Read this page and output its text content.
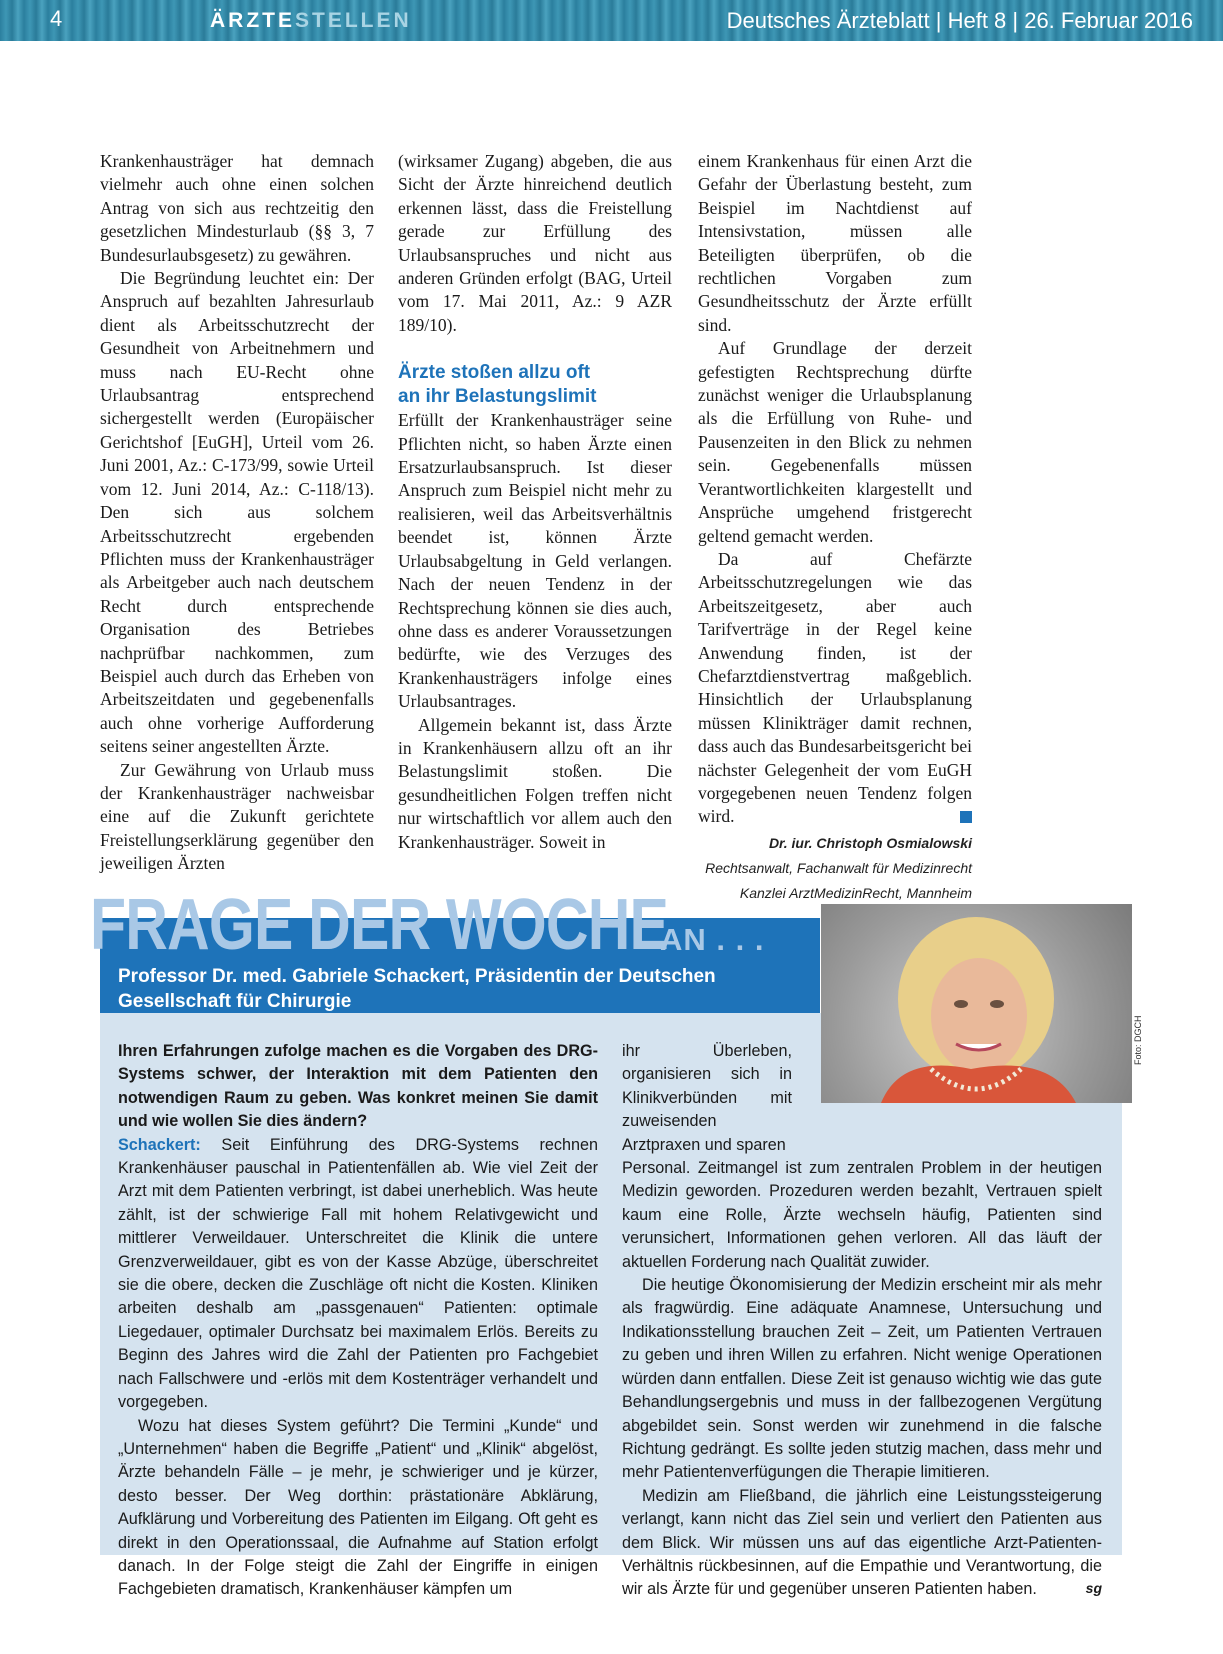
4	ÄRZTESTELLEN	Deutsches Ärzteblatt | Heft 8 | 26. Februar 2016

Krankenhausträger hat demnach vielmehr auch ohne einen solchen Antrag von sich aus rechtzeitig den gesetzlichen Mindesturlaub (§§ 3, 7 Bundesurlaubsgesetz) zu gewähren.

Die Begründung leuchtet ein: Der Anspruch auf bezahlten Jahresurlaub dient als Arbeitsschutzrecht der Gesundheit von Arbeitnehmern und muss nach EU-Recht ohne Urlaubsantrag entsprechend sichergestellt werden (Europäischer Gerichtshof [EuGH], Urteil vom 26. Juni 2001, Az.: C-173/99, sowie Urteil vom 12. Juni 2014, Az.: C-118/13). Den sich aus solchem Arbeitsschutzrecht ergebenden Pflichten muss der Krankenhausträger als Arbeitgeber auch nach deutschem Recht durch entsprechende Organisation des Betriebes nachprüfbar nachkommen, zum Beispiel auch durch das Erheben von Arbeitszeitdaten und gegebenenfalls auch ohne vorherige Aufforderung seitens seiner angestellten Ärzte.

Zur Gewährung von Urlaub muss der Krankenhausträger nachweisbar eine auf die Zukunft gerichtete Freistellungserklärung gegenüber den jeweiligen Ärzten

(wirksamer Zugang) abgeben, die aus Sicht der Ärzte hinreichend deutlich erkennen lässt, dass die Freistellung gerade zur Erfüllung des Urlaubsanspruches und nicht aus anderen Gründen erfolgt (BAG, Urteil vom 17. Mai 2011, Az.: 9 AZR 189/10).

Ärzte stoßen allzu oft
an ihr Belastungslimit

Erfüllt der Krankenhausträger seine Pflichten nicht, so haben Ärzte einen Ersatzurlaubsanspruch. Ist dieser Anspruch zum Beispiel nicht mehr zu realisieren, weil das Arbeitsverhältnis beendet ist, können Ärzte Urlaubsabgeltung in Geld verlangen. Nach der neuen Tendenz in der Rechtsprechung können sie dies auch, ohne dass es anderer Voraussetzungen bedürfte, wie des Verzuges des Krankenhausträgers infolge eines Urlaubsantrages.

Allgemein bekannt ist, dass Ärzte in Krankenhäusern allzu oft an ihr Belastungslimit stoßen. Die gesundheitlichen Folgen treffen nicht nur wirtschaftlich vor allem auch den Krankenhausträger. Soweit in

einem Krankenhaus für einen Arzt die Gefahr der Überlastung besteht, zum Beispiel im Nachtdienst auf Intensivstation, müssen alle Beteiligten überprüfen, ob die rechtlichen Vorgaben zum Gesundheitsschutz der Ärzte erfüllt sind.

Auf Grundlage der derzeit gefestigten Rechtsprechung dürfte zunächst weniger die Urlaubsplanung als die Erfüllung von Ruhe- und Pausenzeiten in den Blick zu nehmen sein. Gegebenenfalls müssen Verantwortlichkeiten klargestellt und Ansprüche umgehend fristgerecht geltend gemacht werden.

Da auf Chefärzte Arbeitsschutzregelungen wie das Arbeitszeitgesetz, aber auch Tarifverträge in der Regel keine Anwendung finden, ist der Chefarztdienstvertrag maßgeblich. Hinsichtlich der Urlaubsplanung müssen Klinikträger damit rechnen, dass auch das Bundesarbeitsgericht bei nächster Gelegenheit der vom EuGH vorgegebenen neuen Tendenz folgen wird.

Dr. iur. Christoph Osmialowski
Rechtsanwalt, Fachanwalt für Medizinrecht
Kanzlei ArztMedizinRecht, Mannheim
FRAGE DER WOCHE
AN . . .
Professor Dr. med. Gabriele Schackert, Präsidentin der Deutschen Gesellschaft für Chirurgie
Foto: DGCH

Ihren Erfahrungen zufolge machen es die Vorgaben des DRG-Systems schwer, der Interaktion mit dem Patienten den notwendigen Raum zu geben. Was konkret meinen Sie damit und wie wollen Sie dies ändern?

Schackert: Seit Einführung des DRG-Systems rechnen Krankenhäuser pauschal in Patientenfällen ab. Wie viel Zeit der Arzt mit dem Patienten verbringt, ist dabei unerheblich. Was heute zählt, ist der schwierige Fall mit hohem Relativgewicht und mittlerer Verweildauer. Unterschreitet die Klinik die untere Grenzverweildauer, gibt es von der Kasse Abzüge, überschreitet sie die obere, decken die Zuschläge oft nicht die Kosten. Kliniken arbeiten deshalb am „passgenauen“ Patienten: optimale Liegedauer, optimaler Durchsatz bei maximalem Erlös. Bereits zu Beginn des Jahres wird die Zahl der Patienten pro Fachgebiet nach Fallschwere und -erlös mit dem Kostenträger verhandelt und vorgegeben.

Wozu hat dieses System geführt? Die Termini „Kunde“ und „Unternehmen“ haben die Begriffe „Patient“ und „Klinik“ abgelöst, Ärzte behandeln Fälle – je mehr, je schwieriger und je kürzer, desto besser. Der Weg dorthin: prästationäre Abklärung, Aufklärung und Vorbereitung des Patienten im Eilgang. Oft geht es direkt in den Operationssaal, die Aufnahme auf Station erfolgt danach. In der Folge steigt die Zahl der Eingriffe in einigen Fachgebieten dramatisch, Krankenhäuser kämpfen um

ihr Überleben, organisieren sich in Klinikverbünden mit zuweisenden Arztpraxen und sparen

Personal. Zeitmangel ist zum zentralen Problem in der heutigen Medizin geworden. Prozeduren werden bezahlt, Vertrauen spielt kaum eine Rolle, Ärzte wechseln häufig, Patienten sind verunsichert, Informationen gehen verloren. All das läuft der aktuellen Forderung nach Qualität zuwider.

Die heutige Ökonomisierung der Medizin erscheint mir als mehr als fragwürdig. Eine adäquate Anamnese, Untersuchung und Indikationsstellung brauchen Zeit – Zeit, um Patienten Vertrauen zu geben und ihren Willen zu erfahren. Nicht wenige Operationen würden dann entfallen. Diese Zeit ist genauso wichtig wie das gute Behandlungsergebnis und muss in der fallbezogenen Vergütung abgebildet sein. Sonst werden wir zunehmend in die falsche Richtung gedrängt. Es sollte jeden stutzig machen, dass mehr und mehr Patientenverfügungen die Therapie limitieren.

Medizin am Fließband, die jährlich eine Leistungssteigerung verlangt, kann nicht das Ziel sein und verliert den Patienten aus dem Blick. Wir müssen uns auf das eigentliche Arzt-Patienten-Verhältnis rückbesinnen, auf die Empathie und Verantwortung, die wir als Ärzte für und gegenüber unseren Patienten haben.	sg
